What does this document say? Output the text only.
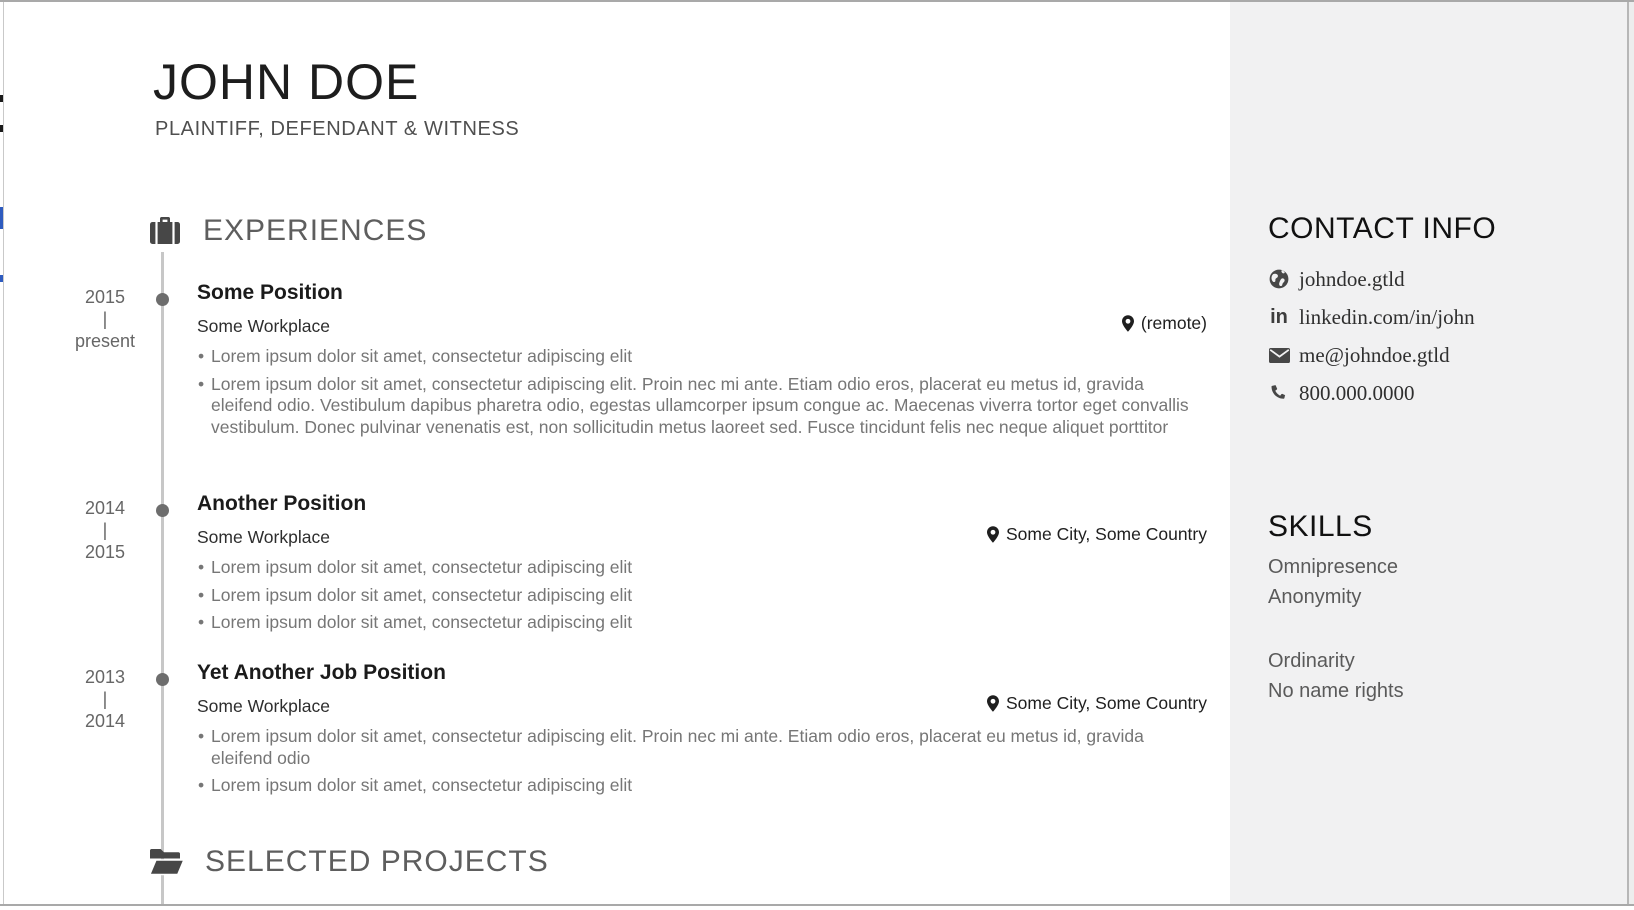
JOHN DOE
PLAINTIFF, DEFENDANT & WITNESS
EXPERIENCES
2015
|
present
Some Position
Some Workplace	(remote)
• Lorem ipsum dolor sit amet, consectetur adipiscing elit
• Lorem ipsum dolor sit amet, consectetur adipiscing elit. Proin nec mi ante. Etiam odio eros, placerat eu metus id, gravida eleifend odio. Vestibulum dapibus pharetra odio, egestas ullamcorper ipsum congue ac. Maecenas viverra tortor eget convallis vestibulum. Donec pulvinar venenatis est, non sollicitudin metus laoreet sed. Fusce tincidunt felis nec neque aliquet porttitor
2014
|
2015
Another Position
Some Workplace	Some City, Some Country
• Lorem ipsum dolor sit amet, consectetur adipiscing elit
• Lorem ipsum dolor sit amet, consectetur adipiscing elit
• Lorem ipsum dolor sit amet, consectetur adipiscing elit
2013
|
2014
Yet Another Job Position
Some Workplace	Some City, Some Country
• Lorem ipsum dolor sit amet, consectetur adipiscing elit. Proin nec mi ante. Etiam odio eros, placerat eu metus id, gravida eleifend odio
• Lorem ipsum dolor sit amet, consectetur adipiscing elit
SELECTED PROJECTS
CONTACT INFO
johndoe.gtld
in linkedin.com/in/john
me@johndoe.gtld
800.000.0000
SKILLS
Omnipresence
Anonymity
Ordinarity
No name rights
